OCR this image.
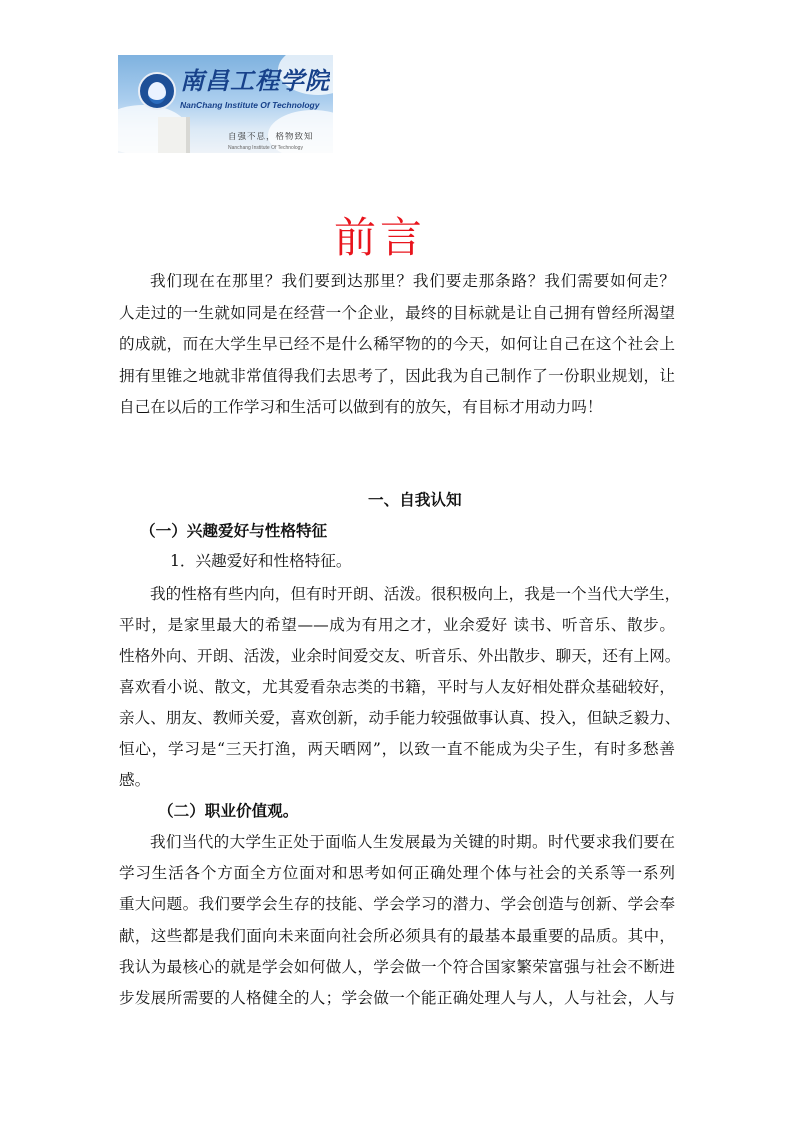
南昌工程学院
NanChang Institute Of Technology
自强不息，格物致知
Nanchang Institute Of Technology
前言
我们现在在那里？我们要到达那里？我们要走那条路？我们需要如何走？
人走过的一生就如同是在经营一个企业，最终的目标就是让自己拥有曾经所渴望
的成就，而在大学生早已经不是什么稀罕物的的今天，如何让自己在这个社会上
拥有里锥之地就非常值得我们去思考了，因此我为自己制作了一份职业规划，让
自己在以后的工作学习和生活可以做到有的放矢，有目标才用动力吗！
一、自我认知
（一）兴趣爱好与性格特征
1．兴趣爱好和性格特征。
我的性格有些内向，但有时开朗、活泼。很积极向上，我是一个当代大学生，
平时，是家里最大的希望——成为有用之才，业余爱好 读书、听音乐、散步。
性格外向、开朗、活泼，业余时间爱交友、听音乐、外出散步、聊天，还有上网。
喜欢看小说、散文，尤其爱看杂志类的书籍，平时与人友好相处群众基础较好，
亲人、朋友、教师关爱，喜欢创新，动手能力较强做事认真、投入，但缺乏毅力、
恒心，学习是“三天打渔，两天晒网”，以致一直不能成为尖子生，有时多愁善
感。
（二）职业价值观。
我们当代的大学生正处于面临人生发展最为关键的时期。时代要求我们要在
学习生活各个方面全方位面对和思考如何正确处理个体与社会的关系等一系列
重大问题。我们要学会生存的技能、学会学习的潜力、学会创造与创新、学会奉
献，这些都是我们面向未来面向社会所必须具有的最基本最重要的品质。其中，
我认为最核心的就是学会如何做人，学会做一个符合国家繁荣富强与社会不断进
步发展所需要的人格健全的人；学会做一个能正确处理人与人，人与社会，人与
